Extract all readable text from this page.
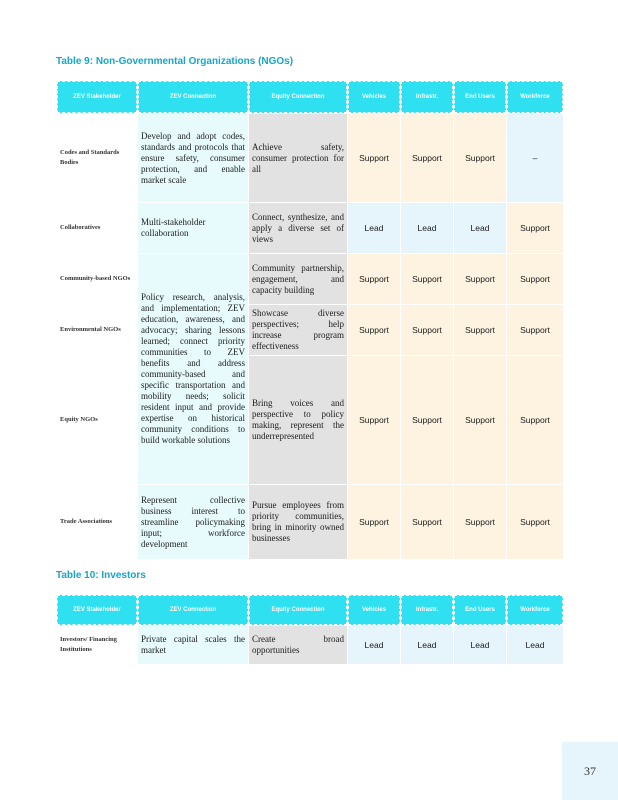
Table 9: Non-Governmental Organizations (NGOs)
ZEV Stakeholder	ZEV Connection	Equity Connection	Vehicles	Infrastr.	End Users	Workforce
Codes and Standards Bodies	Develop and adopt codes, standards and protocols that ensure safety, consumer protection, and enable market scale	Achieve safety, consumer protection for all	Support	Support	Support	–
Collaboratives	Multi-stakeholder collaboration	Connect, synthesize, and apply a diverse set of views	Lead	Lead	Lead	Support
Community-based NGOs	Policy research, analysis, and implementation; ZEV education, awareness, and advocacy; sharing lessons learned; connect priority communities to ZEV benefits and address community-based and specific transportation and mobility needs; solicit resident input and provide expertise on historical community conditions to build workable solutions	Community partnership, engagement, and capacity building	Support	Support	Support	Support
Environmental NGOs		Showcase diverse perspectives; help increase program effectiveness	Support	Support	Support	Support
Equity NGOs		Bring voices and perspective to policy making, represent the underrepresented	Support	Support	Support	Support
Trade Associations	Represent collective business interest to streamline policymaking input; workforce development	Pursue employees from priority communities, bring in minority owned businesses	Support	Support	Support	Support
Table 10: Investors
ZEV Stakeholder	ZEV Connection	Equity Connection	Vehicles	Infrastr.	End Users	Workforce
Investors/ Financing Institutions	Private capital scales the market	Create broad opportunities	Lead	Lead	Lead	Lead
37
